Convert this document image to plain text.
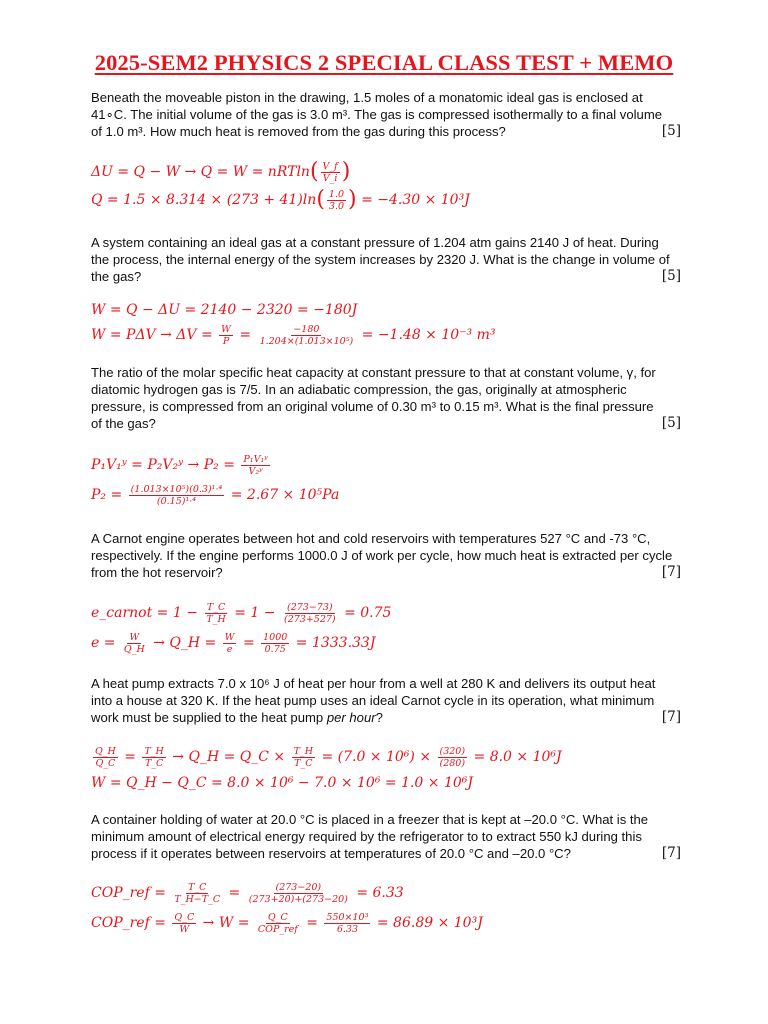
2025-SEM2 PHYSICS 2 SPECIAL CLASS TEST + MEMO
Beneath the moveable piston in the drawing, 1.5 moles of a monatomic ideal gas is enclosed at
41∘C. The initial volume of the gas is 3.0 m³. The gas is compressed isothermally to a final volume
of 1.0 m³. How much heat is removed from the gas during this process?	[5]
ΔU = Q − W → Q = W = nRTln ( $\frac{V\_f}{V\_i}$ )
Q = 1.5 × 8.314 × (273 + 41)ln ( $\frac{1.0}{3.0}$ )
= −4.30 × 10³J
A system containing an ideal gas at a constant pressure of 1.204 atm gains 2140 J of heat. During
the process, the internal energy of the system increases by 2320 J. What is the change in volume of
the gas?	[5]
W = Q − ΔU = 2140 − 2320 = −180J
W = PΔV → ΔV =
$\frac{W}{P} = \frac{-180}{\text{1.204×(1.013×10⁵)}}$
= −1.48 × 10⁻³ m³
The ratio of the molar specific heat capacity at constant pressure to that at constant volume, γ, for
diatomic hydrogen gas is 7/5. In an adiabatic compression, the gas, originally at atmospheric
pressure, is compressed from an original volume of 0.30 m³ to 0.15 m³. What is the final pressure
of the gas?	[5]
P₁V₁ʸ = P₂V₂ʸ → P₂ =
$\frac{\text{P₁V₁ʸ}}{\text{V₂ʸ}}$
P₂ =
$\frac{\text{(1.013×10⁵)(0.3)¹·⁴}}{\text{(0.15)¹·⁴}}$
= 2.67 × 10⁵Pa
A Carnot engine operates between hot and cold reservoirs with temperatures 527 °C and -73 °C,
respectively. If the engine performs 1000.0 J of work per cycle, how much heat is extracted per cycle
from the hot reservoir?	[7]
e_carnot = 1 −
$\frac{T\_C}{T\_H}$
= 1 −
$\frac{(273-73)}{(273+527)}$
= 0.75
e =
$\frac{W}{Q\_H}$
→ Q_H =
$\frac{W}{e}$
=
$\frac{1000}{0.75}$
= 1333.33J
A heat pump extracts 7.0 x 10⁶ J of heat per hour from a well at 280 K and delivers its output heat
into a house at 320 K. If the heat pump uses an ideal Carnot cycle in its operation, what minimum
work must be supplied to the heat pump per hour?	[7]
$\frac{Q\_H}{Q\_C}$
=
$\frac{T\_H}{T\_C}$
→ Q_H = Q_C ×
$\frac{T\_H}{T\_C}$
= (7.0 × 10⁶) ×
$\frac{(320)}{(280)}$
= 8.0 × 10⁶J
W = Q_H − Q_C = 8.0 × 10⁶ − 7.0 × 10⁶ = 1.0 × 10⁶J
A container holding of water at 20.0 °C is placed in a freezer that is kept at –20.0 °C. What is the
minimum amount of electrical energy required by the refrigerator to to extract 550 kJ during this
process if it operates between reservoirs at temperatures of 20.0 °C and –20.0 °C?	[7]
COP_ref =
$\frac{T\_C}{T\_H-T\_C}$
=
$\frac{(273-20)}{(273+20)+(273-20)}$
= 6.33
COP_ref =
$\frac{Q\_C}{W}$
→ W =
$\frac{Q\_C}{\text{COP\_ref}}$
=
$\frac{\text{550×10³}}{6.33}$
= 86.89 × 10³J
